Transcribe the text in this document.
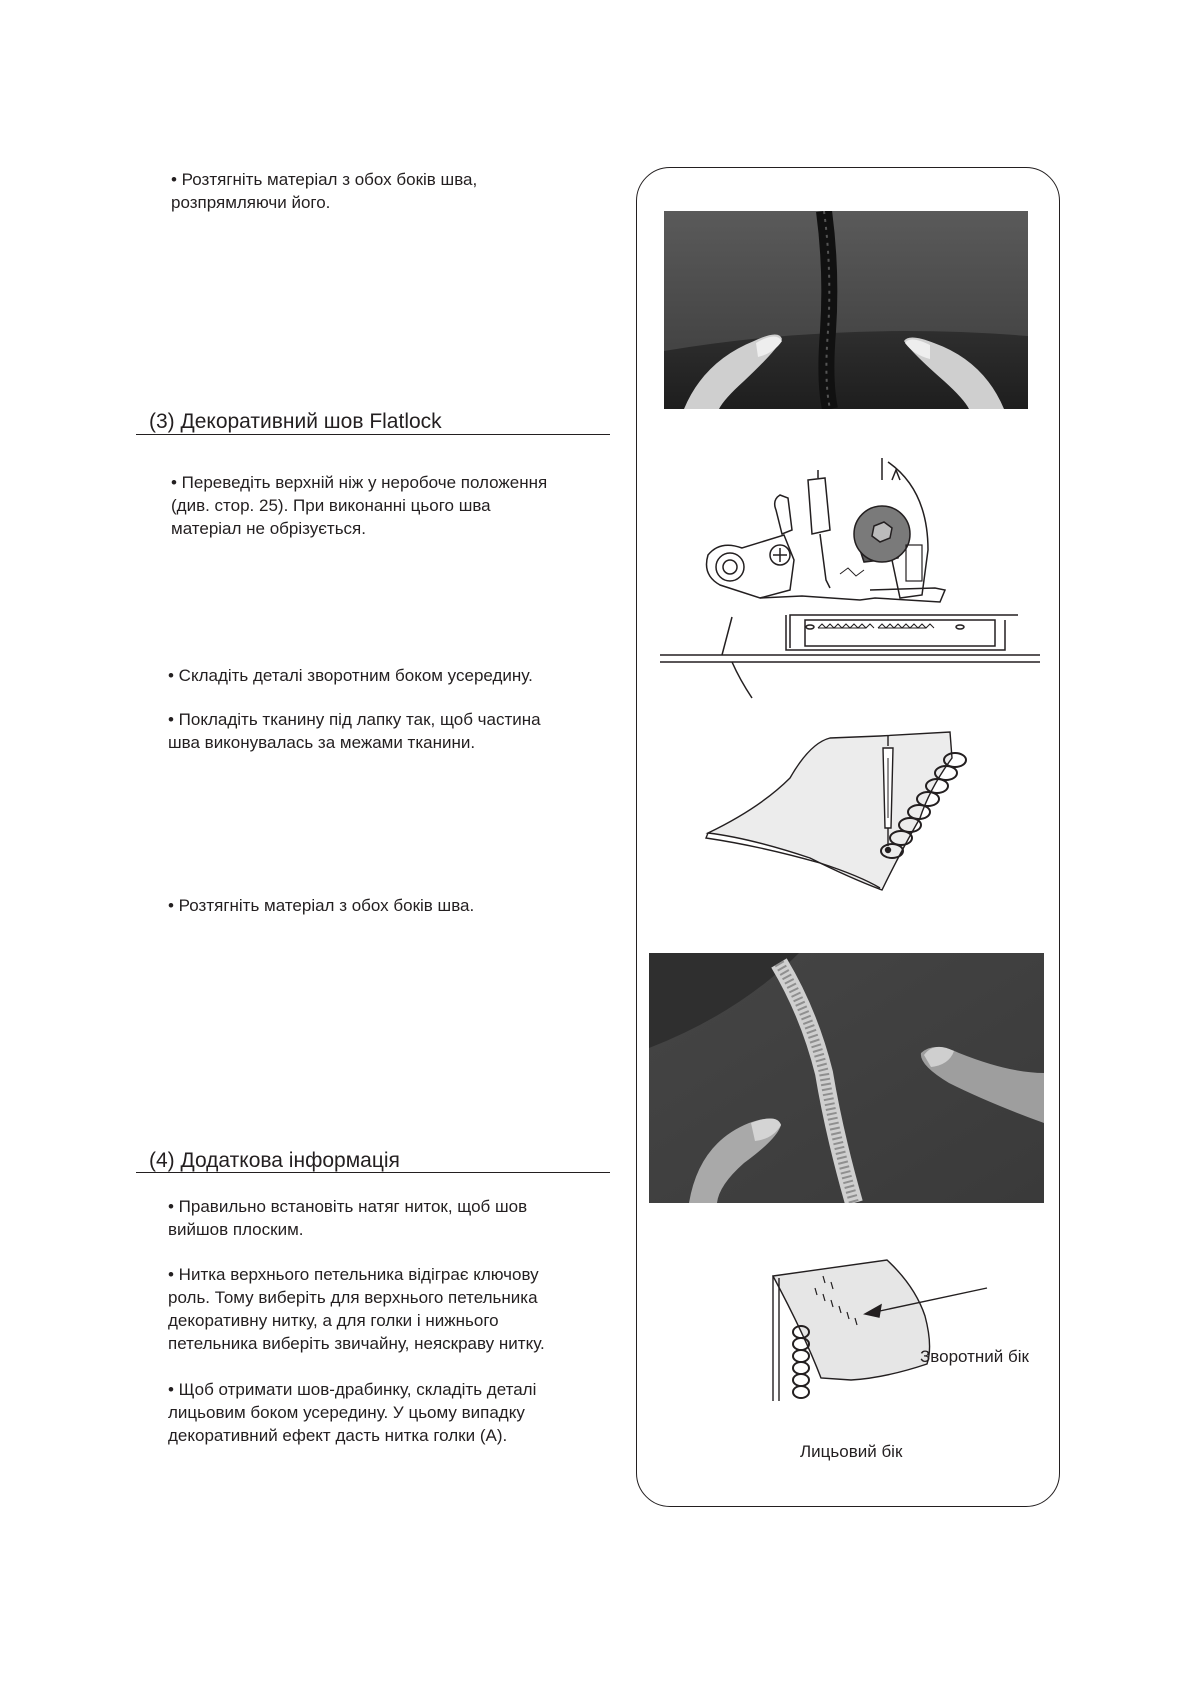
• Розтягніть матеріал з обох боків шва,
розпрямляючи його.
(3) Декоративний шов Flatlock
• Переведіть верхній ніж у неробоче положення
(див. стор. 25). При виконанні цього шва
матеріал не обрізується.
• Складіть деталі зворотним боком усередину.
• Покладіть тканину під лапку так, щоб частина
шва виконувалась за межами тканини.
• Розтягніть матеріал з обох боків шва.
(4) Додаткова інформація
• Правильно встановіть натяг ниток, щоб шов
вийшов плоским.
• Нитка верхнього петельника відіграє ключову
роль. Тому виберіть для верхнього петельника
декоративну нитку, а для голки і нижнього
петельника виберіть звичайну, неяскраву нитку.
• Щоб отримати шов-драбинку, складіть деталі
лицьовим боком усередину. У цьому випадку
декоративний ефект дасть нитка голки (А).
Зворотний бік
Лицьовий бік
